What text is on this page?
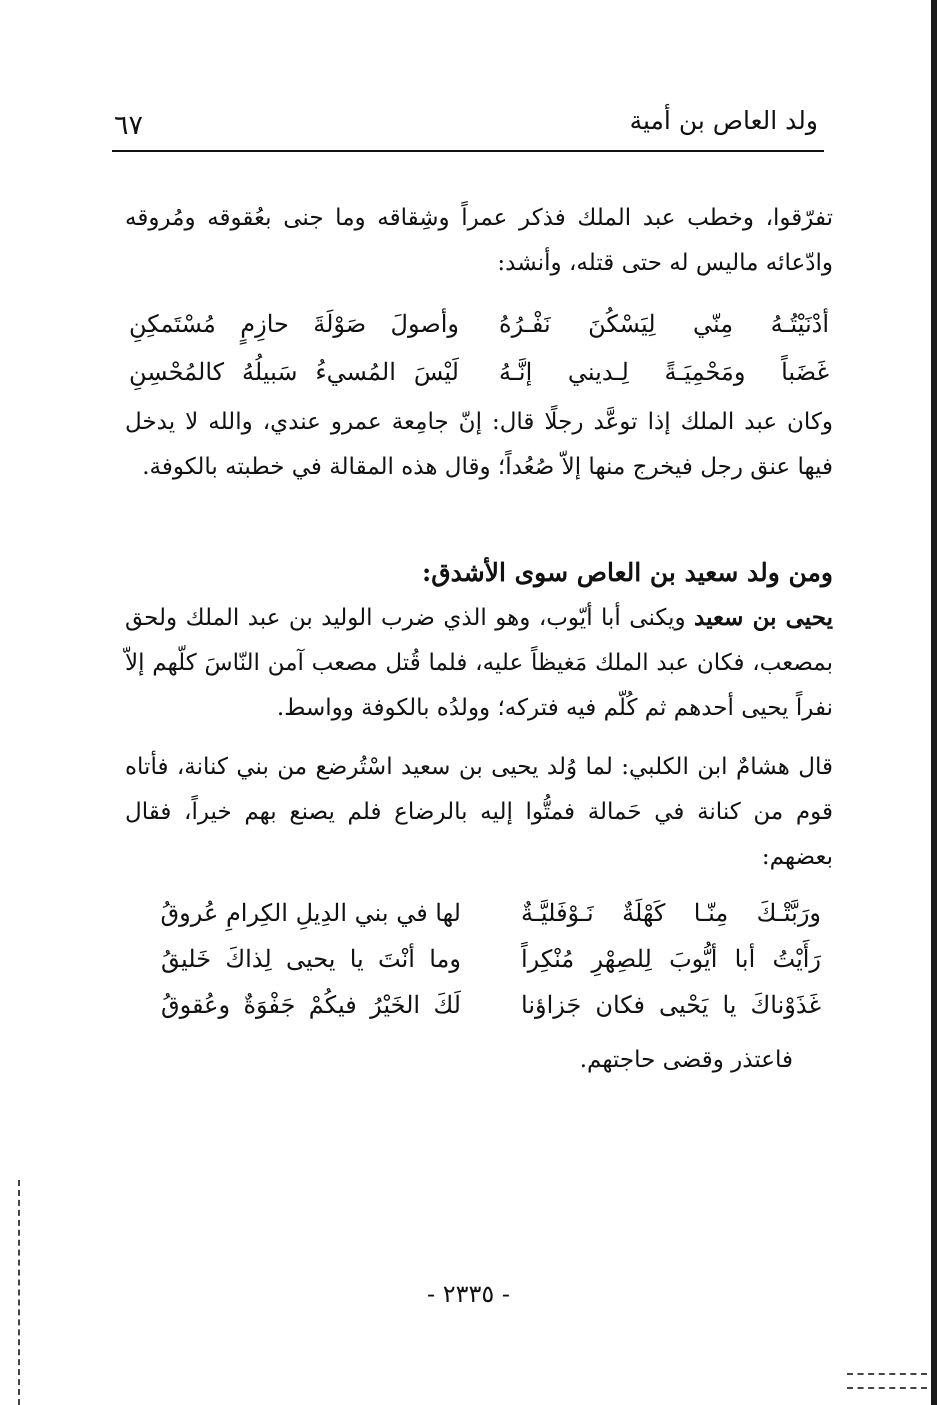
ولد العاص بن أمية
٦٧

تفرّقوا، وخطب عبد الملك فذكر عمراً وشِقاقه وما جنى بعُقوقه ومُروقه وادّعائه ماليس له حتى قتله، وأنشد:

أدْنَيْتُـهُ مِنّي لِيَسْكُنَ نَفْـرُهُ
وأصولَ صَوْلَةَ حازِمٍ مُسْتَمكِنِ
غَضَباً ومَحْمِيَـةً لِـديني إنَّـهُ
لَيْسَ المُسيءُ سَبيلُهُ كالمُحْسِنِ

وكان عبد الملك إذا توعَّد رجلًا قال: إنّ جامِعة عمرو عندي، والله لا يدخل فيها عنق رجل فيخرج منها إلاّ صُعُداً؛ وقال هذه المقالة في خطبته بالكوفة.

ومن ولد سعيد بن العاص سوى الأشدق:

يحيى بن سعيد ويكنى أبا أيّوب، وهو الذي ضرب الوليد بن عبد الملك ولحق بمصعب، فكان عبد الملك مَغيظاً عليه، فلما قُتل مصعب آمن النّاسَ كلّهم إلاّ نفراً يحيى أحدهم ثم كُلّم فيه فتركه؛ وولدُه بالكوفة وواسط.

قال هشامٌ ابن الكلبي: لما وُلد يحيى بن سعيد اسْتُرضع من بني كنانة، فأتاه قوم من كنانة في حَمالة فمتُّوا إليه بالرضاع فلم يصنع بهم خيراً، فقال بعضهم:

ورَبَّتْـكَ مِنّـا كَهْلَةٌ نَـوْفَليَّـةٌ
لها في بني الدِيلِ الكِرامِ عُروقُ
رَأَيْتُ أبا أيُّوبَ لِلصِهْرِ مُنْكِراً
وما أنْتَ يا يحيى لِذاكَ خَليقُ
غَذَوْناكَ يا يَحْيى فكان جَزاؤنا
لَكَ الخَيْرُ فيكُمْ جَفْوَةٌ وعُقوقُ

فاعتذر وقضى حاجتهم.

- ٢٣٣٥ -
